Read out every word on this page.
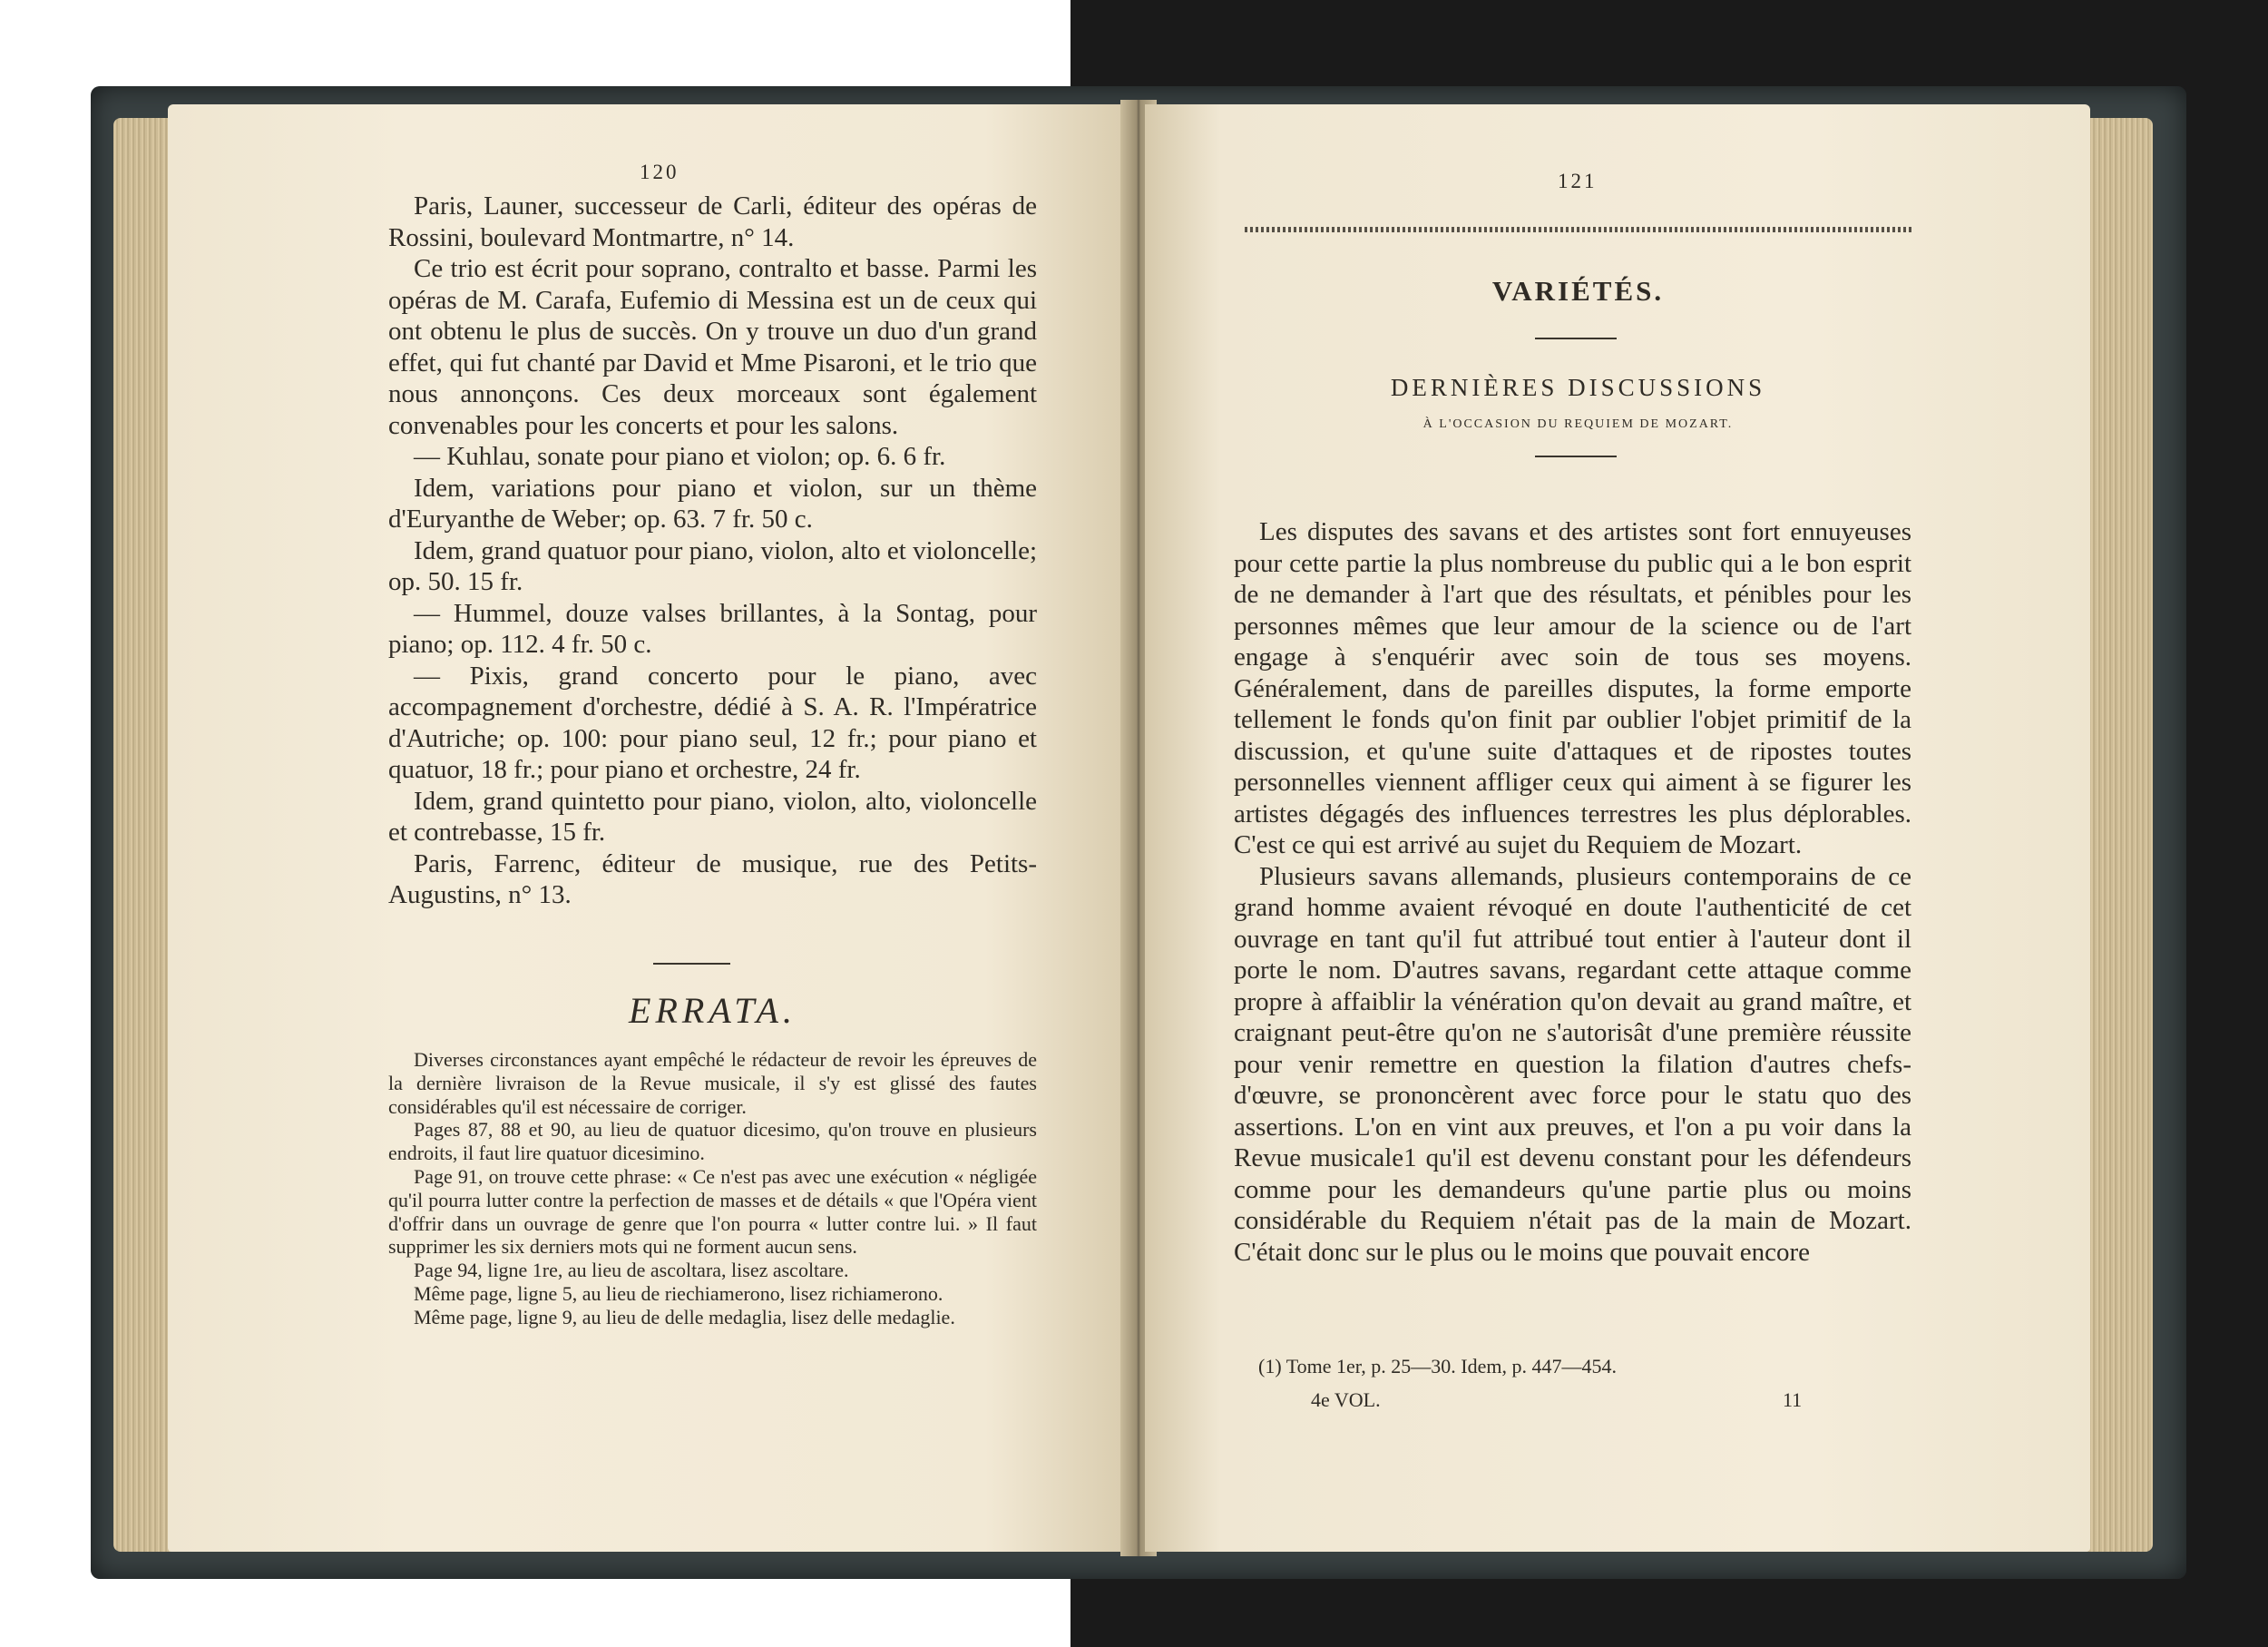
120

Paris, Launer, successeur de Carli, éditeur des opéras de Rossini, boulevard Montmartre, n° 14.

Ce trio est écrit pour soprano, contralto et basse. Parmi les opéras de M. Carafa, Eufemio di Messina est un de ceux qui ont obtenu le plus de succès. On y trouve un duo d'un grand effet, qui fut chanté par David et Mme Pisaroni, et le trio que nous annonçons. Ces deux morceaux sont également convenables pour les concerts et pour les salons.

— Kuhlau, sonate pour piano et violon; op. 6. 6 fr.

Idem, variations pour piano et violon, sur un thème d'Euryanthe de Weber; op. 63. 7 fr. 50 c.

Idem, grand quatuor pour piano, violon, alto et violoncelle; op. 50. 15 fr.

— Hummel, douze valses brillantes, à la Sontag, pour piano; op. 112. 4 fr. 50 c.

— Pixis, grand concerto pour le piano, avec accompagnement d'orchestre, dédié à S. A. R. l'Impératrice d'Autriche; op. 100: pour piano seul, 12 fr.; pour piano et quatuor, 18 fr.; pour piano et orchestre, 24 fr.

Idem, grand quintetto pour piano, violon, alto, violoncelle et contrebasse, 15 fr.

Paris, Farrenc, éditeur de musique, rue des Petits-Augustins, n° 13.

ERRATA.

Diverses circonstances ayant empêché le rédacteur de revoir les épreuves de la dernière livraison de la Revue musicale, il s'y est glissé des fautes considérables qu'il est nécessaire de corriger.

Pages 87, 88 et 90, au lieu de quatuor dicesimo, qu'on trouve en plusieurs endroits, il faut lire quatuor dicesimino.

Page 91, on trouve cette phrase: « Ce n'est pas avec une exécution « négligée qu'il pourra lutter contre la perfection de masses et de détails « que l'Opéra vient d'offrir dans un ouvrage de genre que l'on pourra « lutter contre lui. » Il faut supprimer les six derniers mots qui ne forment aucun sens.

Page 94, ligne 1re, au lieu de ascoltara, lisez ascoltare.

Même page, ligne 5, au lieu de riechiamerono, lisez richiamerono.

Même page, ligne 9, au lieu de delle medaglia, lisez delle medaglie.

121
VARIÉTÉS.
DERNIÈRES DISCUSSIONS
À L'OCCASION DU REQUIEM DE MOZART.

Les disputes des savans et des artistes sont fort ennuyeuses pour cette partie la plus nombreuse du public qui a le bon esprit de ne demander à l'art que des résultats, et pénibles pour les personnes mêmes que leur amour de la science ou de l'art engage à s'enquérir avec soin de tous ses moyens. Généralement, dans de pareilles disputes, la forme emporte tellement le fonds qu'on finit par oublier l'objet primitif de la discussion, et qu'une suite d'attaques et de ripostes toutes personnelles viennent affliger ceux qui aiment à se figurer les artistes dégagés des influences terrestres les plus déplorables. C'est ce qui est arrivé au sujet du Requiem de Mozart.

Plusieurs savans allemands, plusieurs contemporains de ce grand homme avaient révoqué en doute l'authenticité de cet ouvrage en tant qu'il fut attribué tout entier à l'auteur dont il porte le nom. D'autres savans, regardant cette attaque comme propre à affaiblir la vénération qu'on devait au grand maître, et craignant peut-être qu'on ne s'autorisât d'une première réussite pour venir remettre en question la filation d'autres chefs-d'œuvre, se prononcèrent avec force pour le statu quo des assertions. L'on en vint aux preuves, et l'on a pu voir dans la Revue musicale1 qu'il est devenu constant pour les défendeurs comme pour les demandeurs qu'une partie plus ou moins considérable du Requiem n'était pas de la main de Mozart. C'était donc sur le plus ou le moins que pouvait encore

(1) Tome 1er, p. 25—30. Idem, p. 447—454.
4e VOL.	11
